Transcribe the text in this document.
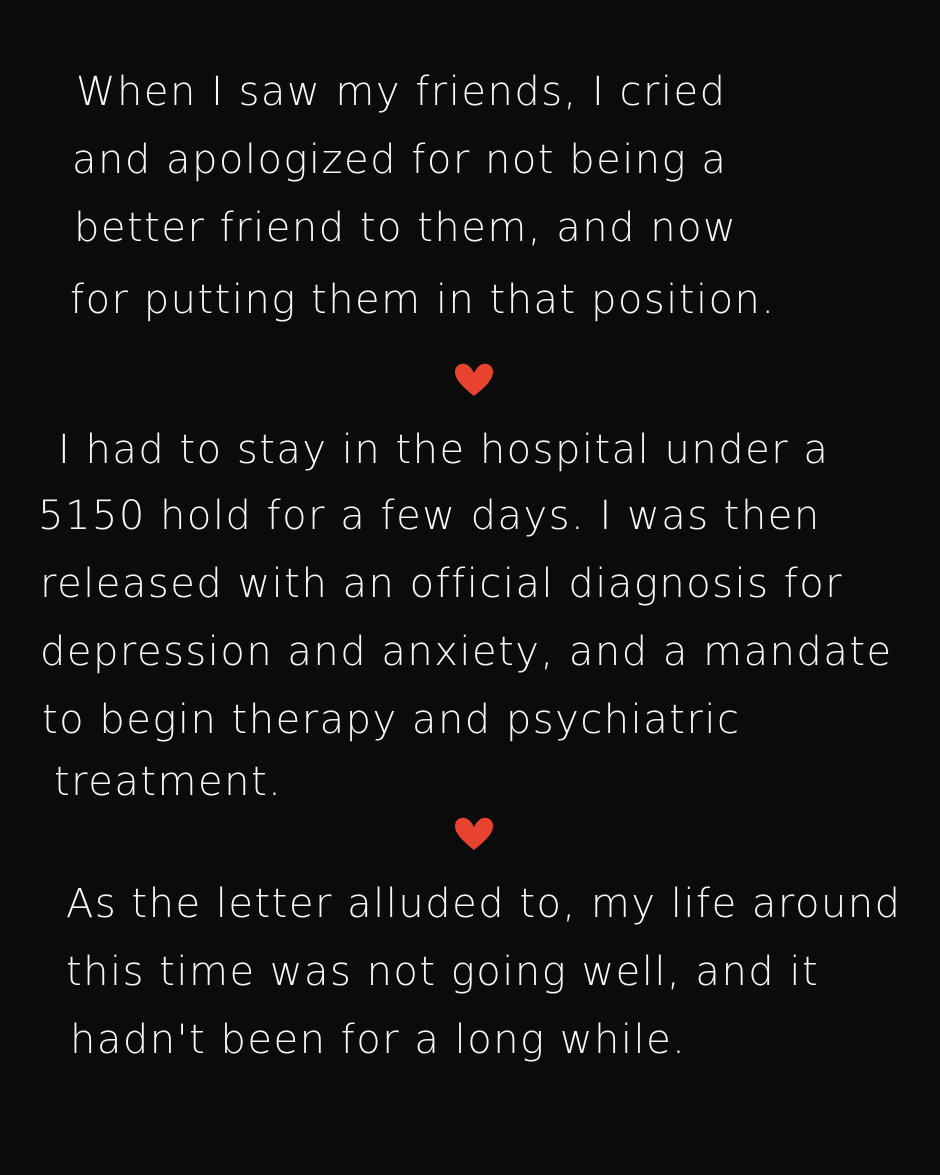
When I saw my friends, I cried
and apologized for not being a
better friend to them, and now
for putting them in that position.
I had to stay in the hospital under a
5150 hold for a few days. I was then
released with an official diagnosis for
depression and anxiety, and a mandate
to begin therapy and psychiatric
treatment.
As the letter alluded to, my life around
this time was not going well, and it
hadn't been for a long while.
